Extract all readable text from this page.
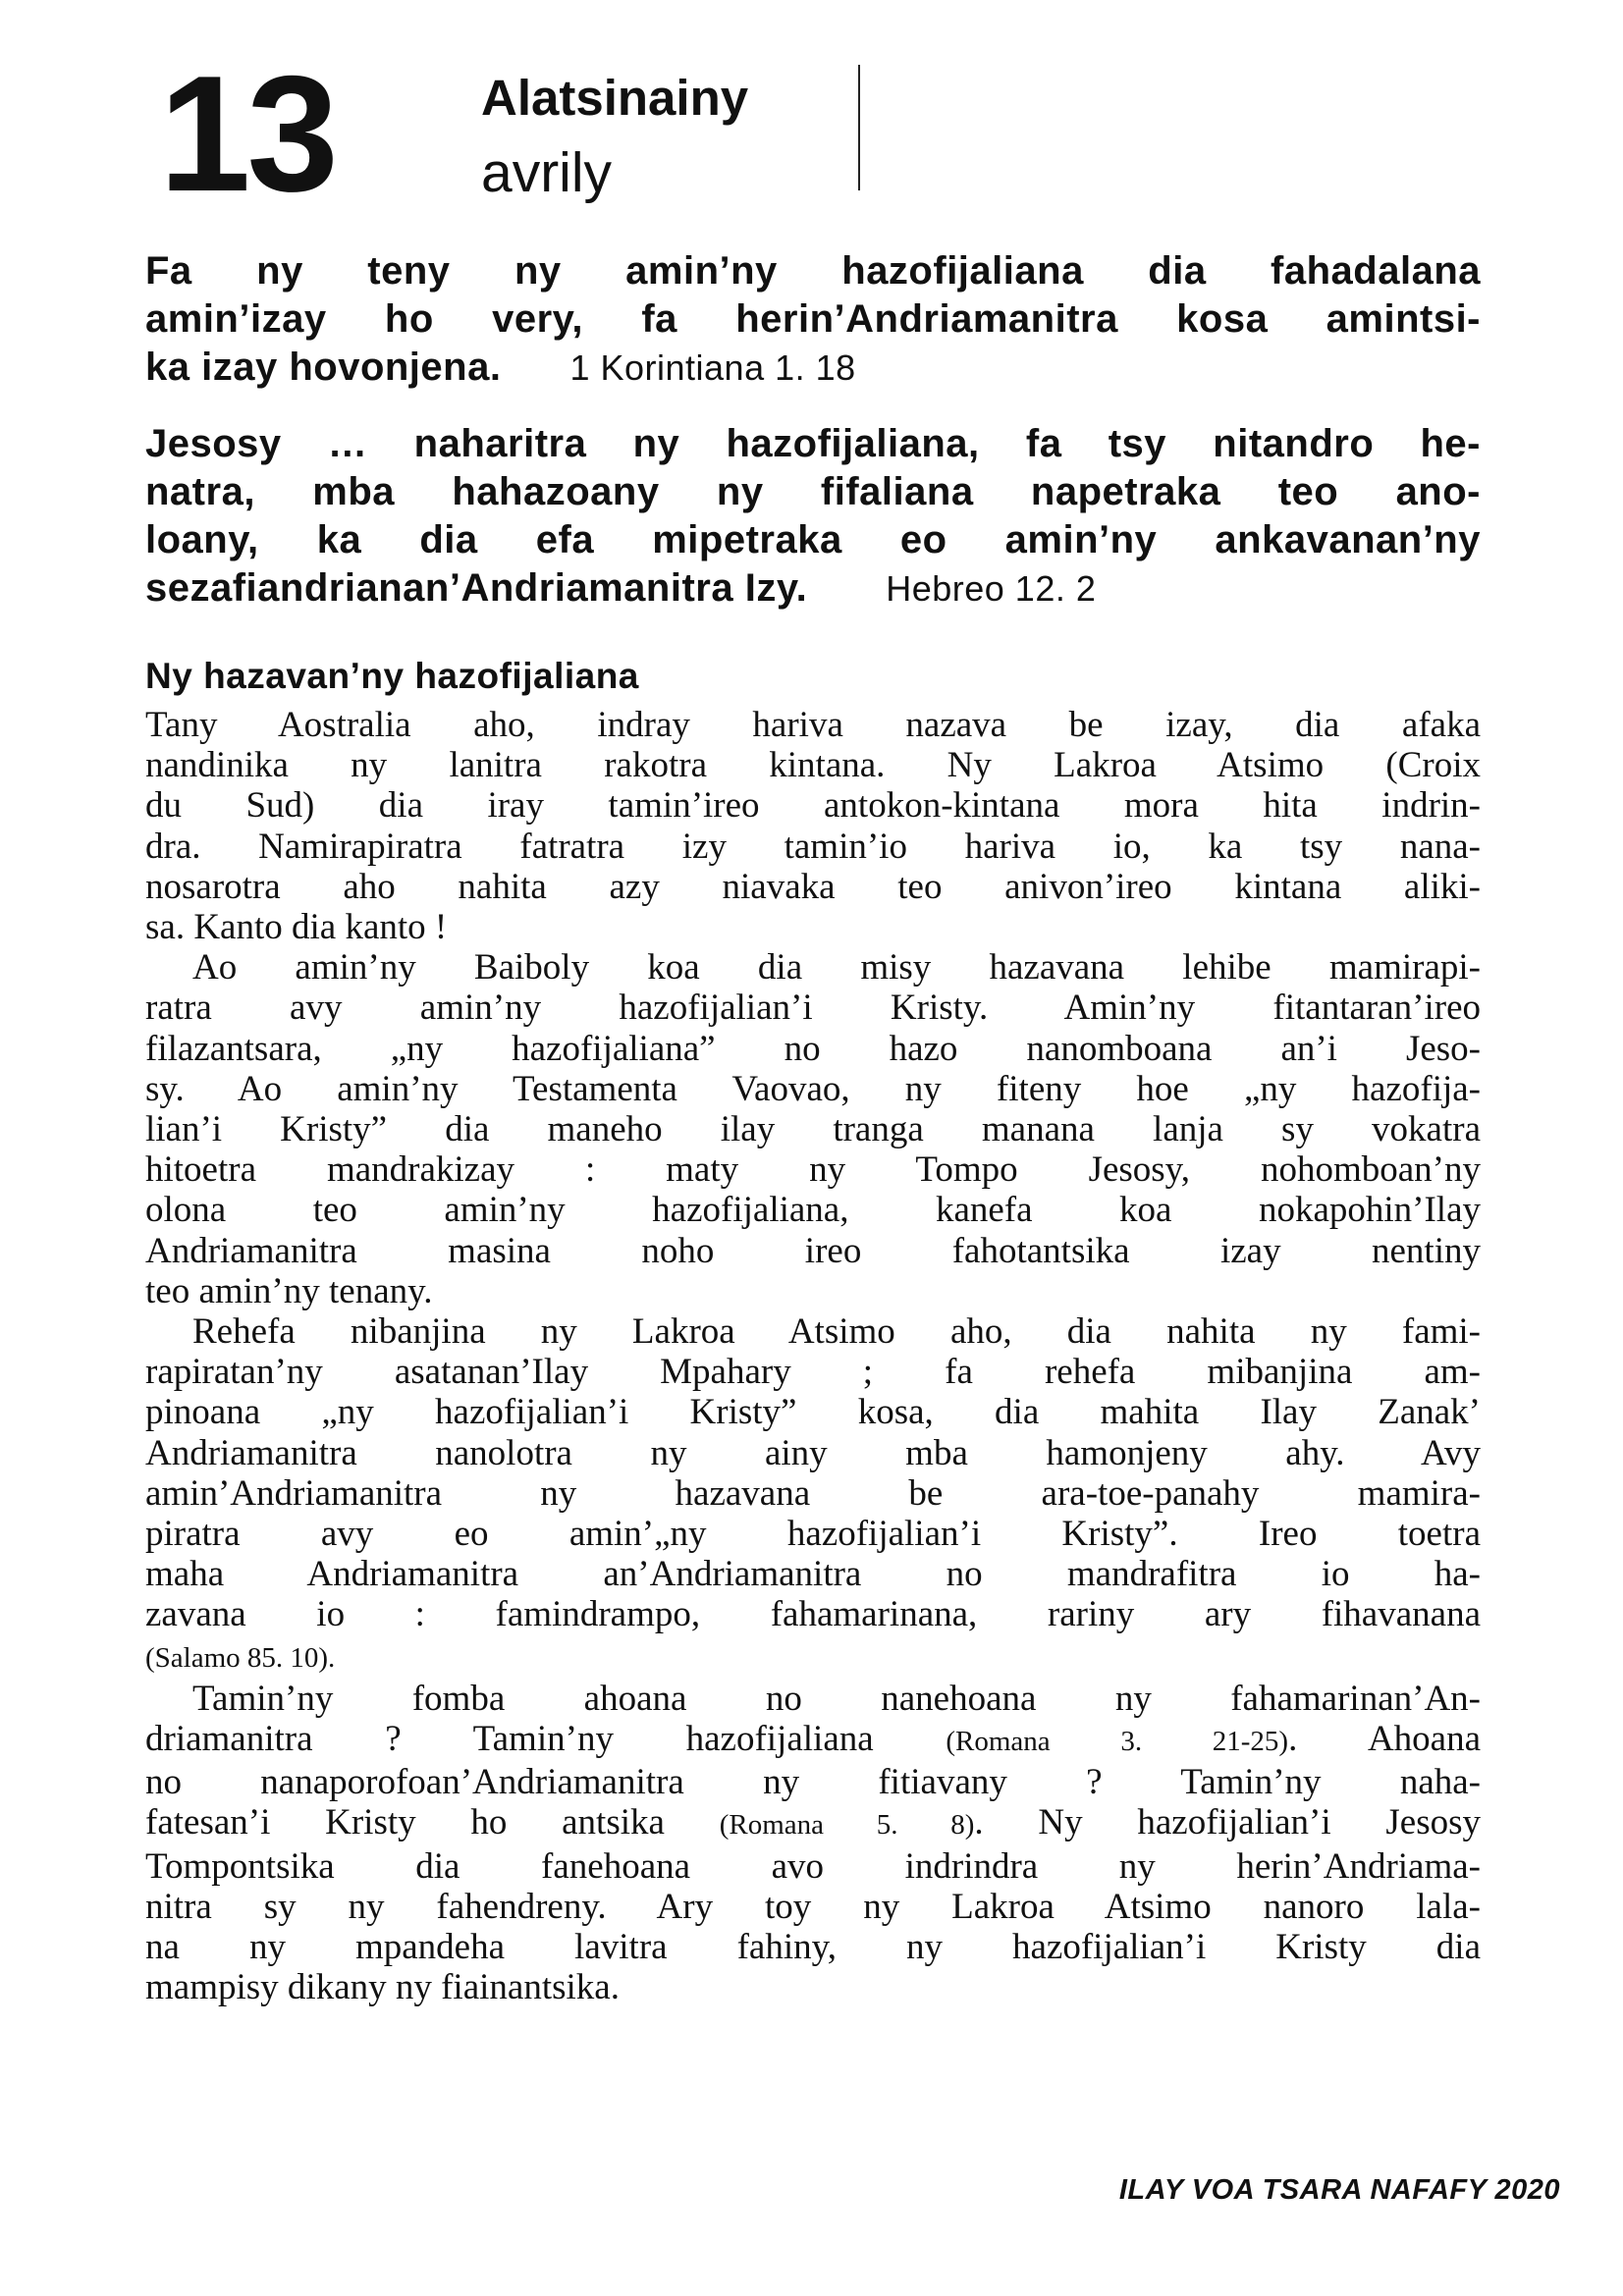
13	Alatsinainy
avrily
Fa ny teny ny amin’ny hazofijaliana dia fahadalana
amin’izay ho very, fa herin’Andriamanitra kosa amintsi-
ka izay hovonjena. 1 Korintiana 1. 18
Jesosy … naharitra ny hazofijaliana, fa tsy nitandro he-
natra, mba hahazoany ny fifaliana napetraka teo ano-
loany, ka dia efa mipetraka eo amin’ny ankavanan’ny
sezafiandrianan’Andriamanitra Izy. Hebreo 12. 2
Ny hazavan’ny hazofijaliana
Tany Aostralia aho, indray hariva nazava be izay, dia afaka
nandinika ny lanitra rakotra kintana. Ny Lakroa Atsimo (Croix
du Sud) dia iray tamin’ireo antokon-kintana mora hita indrin-
dra. Namirapiratra fatratra izy tamin’io hariva io, ka tsy nana-
nosarotra aho nahita azy niavaka teo anivon’ireo kintana aliki-
sa. Kanto dia kanto !
Ao amin’ny Baiboly koa dia misy hazavana lehibe mamirapi-
ratra avy amin’ny hazofijalian’i Kristy. Amin’ny fitantaran’ireo
filazantsara, „ny hazofijaliana” no hazo nanomboana an’i Jeso-
sy. Ao amin’ny Testamenta Vaovao, ny fiteny hoe „ny hazofija-
lian’i Kristy” dia maneho ilay tranga manana lanja sy vokatra
hitoetra mandrakizay : maty ny Tompo Jesosy, nohomboan’ny
olona teo amin’ny hazofijaliana, kanefa koa nokapohin’Ilay
Andriamanitra masina noho ireo fahotantsika izay nentiny
teo amin’ny tenany.
Rehefa nibanjina ny Lakroa Atsimo aho, dia nahita ny fami-
rapiratan’ny asatanan’Ilay Mpahary ; fa rehefa mibanjina am-
pinoana „ny hazofijalian’i Kristy” kosa, dia mahita Ilay Zanak’
Andriamanitra nanolotra ny ainy mba hamonjeny ahy. Avy
amin’Andriamanitra ny hazavana be ara-toe-panahy mamira-
piratra avy eo amin’„ny hazofijalian’i Kristy”. Ireo toetra
maha Andriamanitra an’Andriamanitra no mandrafitra io ha-
zavana io : famindrampo, fahamarinana, rariny ary fihavanana
(Salamo 85. 10).
Tamin’ny fomba ahoana no nanehoana ny fahamarinan’An-
driamanitra ? Tamin’ny hazofijaliana (Romana 3. 21-25). Ahoana
no nanaporofoan’Andriamanitra ny fitiavany ? Tamin’ny naha-
fatesan’i Kristy ho antsika (Romana 5. 8). Ny hazofijalian’i Jesosy
Tompontsika dia fanehoana avo indrindra ny herin’Andriama-
nitra sy ny fahendreny. Ary toy ny Lakroa Atsimo nanoro lala-
na ny mpandeha lavitra fahiny, ny hazofijalian’i Kristy dia
mampisy dikany ny fiainantsika.
ILAY VOA TSARA NAFAFY 2020
